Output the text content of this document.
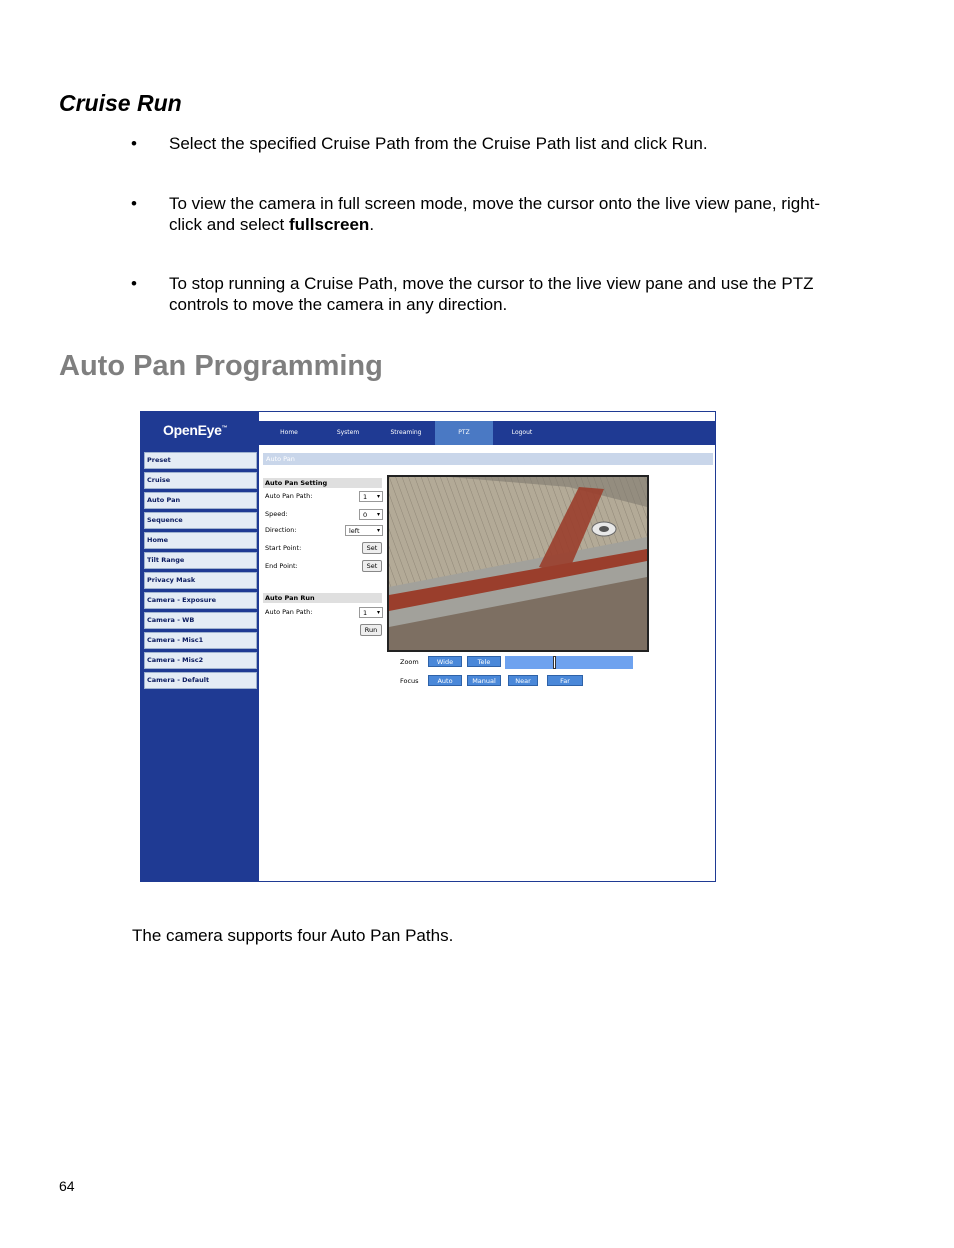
Cruise Run
• Select the specified Cruise Path from the Cruise Path list and click Run.
• To view the camera in full screen mode, move the cursor onto the live view pane, right-click and select fullscreen.
• To stop running a Cruise Path, move the cursor to the live view pane and use the PTZ controls to move the camera in any direction.
Auto Pan Programming
OpenEye™
Preset
Cruise
Auto Pan
Sequence
Home
Tilt Range
Privacy Mask
Camera - Exposure
Camera - WB
Camera - Misc1
Camera - Misc2
Camera - Default
Home	System	Streaming	PTZ	Logout
Auto Pan
Auto Pan Setting
Auto Pan Path:	1 ▾
Speed:	0 ▾
Direction:	left	▾
Start Point:	Set
End Point:	Set
Auto Pan Run
Auto Pan Path:	1 ▾
Run
Zoom	Wide	Tele
Focus	Auto	Manual	Near	Far
The camera supports four Auto Pan Paths.
64
